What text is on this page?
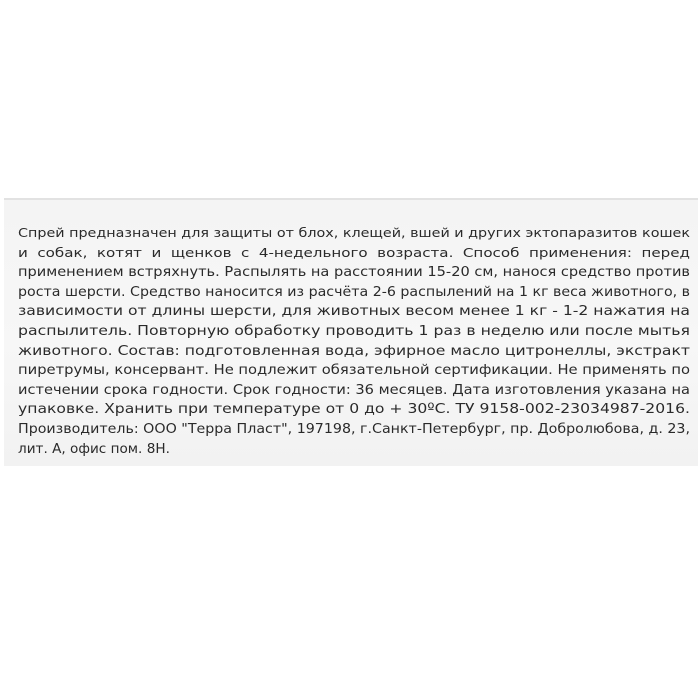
Спрей предназначен для защиты от блох, клещей, вшей и других эктопаразитов кошек
и собак, котят и щенков с 4-недельного возраста. Способ применения: перед
применением встряхнуть. Распылять на расстоянии 15-20 см, нанося средство против
роста шерсти. Средство наносится из расчёта 2-6 распылений на 1 кг веса животного, в
зависимости от длины шерсти, для животных весом менее 1 кг - 1-2 нажатия на
распылитель. Повторную обработку проводить 1 раз в неделю или после мытья
животного. Состав: подготовленная вода, эфирное масло цитронеллы, экстракт
пиретрумы, консервант. Не подлежит обязательной сертификации. Не применять по
истечении срока годности. Срок годности: 36 месяцев. Дата изготовления указана на
упаковке. Хранить при температуре от 0 до + 30ºС. ТУ 9158-002-23034987-2016.
Производитель: ООО "Терра Пласт", 197198, г.Санкт-Петербург, пр. Добролюбова, д. 23,
лит. А, офис пом. 8Н.
